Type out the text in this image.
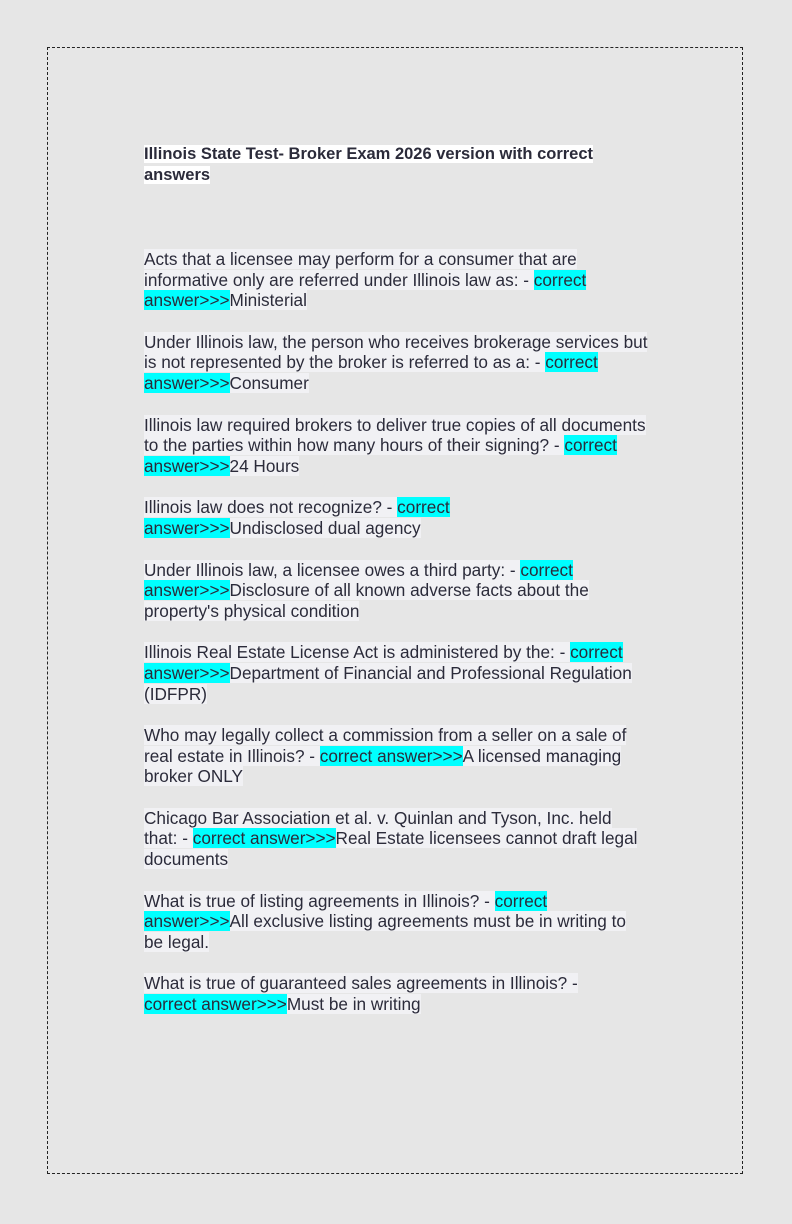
Illinois State Test- Broker Exam 2026 version with correct answers

Acts that a licensee may perform for a consumer that are informative only are referred under Illinois law as: - correct answer>>>Ministerial

Under Illinois law, the person who receives brokerage services but is not represented by the broker is referred to as a: - correct answer>>>Consumer

Illinois law required brokers to deliver true copies of all documents to the parties within how many hours of their signing? - correct answer>>>24 Hours

Illinois law does not recognize? - correct answer>>>Undisclosed dual agency

Under Illinois law, a licensee owes a third party: - correct answer>>>Disclosure of all known adverse facts about the property's physical condition

Illinois Real Estate License Act is administered by the: - correct answer>>>Department of Financial and Professional Regulation (IDFPR)

Who may legally collect a commission from a seller on a sale of real estate in Illinois? - correct answer>>>A licensed managing broker ONLY

Chicago Bar Association et al. v. Quinlan and Tyson, Inc. held that: - correct answer>>>Real Estate licensees cannot draft legal documents

What is true of listing agreements in Illinois? - correct answer>>>All exclusive listing agreements must be in writing to be legal.

What is true of guaranteed sales agreements in Illinois? - correct answer>>>Must be in writing
